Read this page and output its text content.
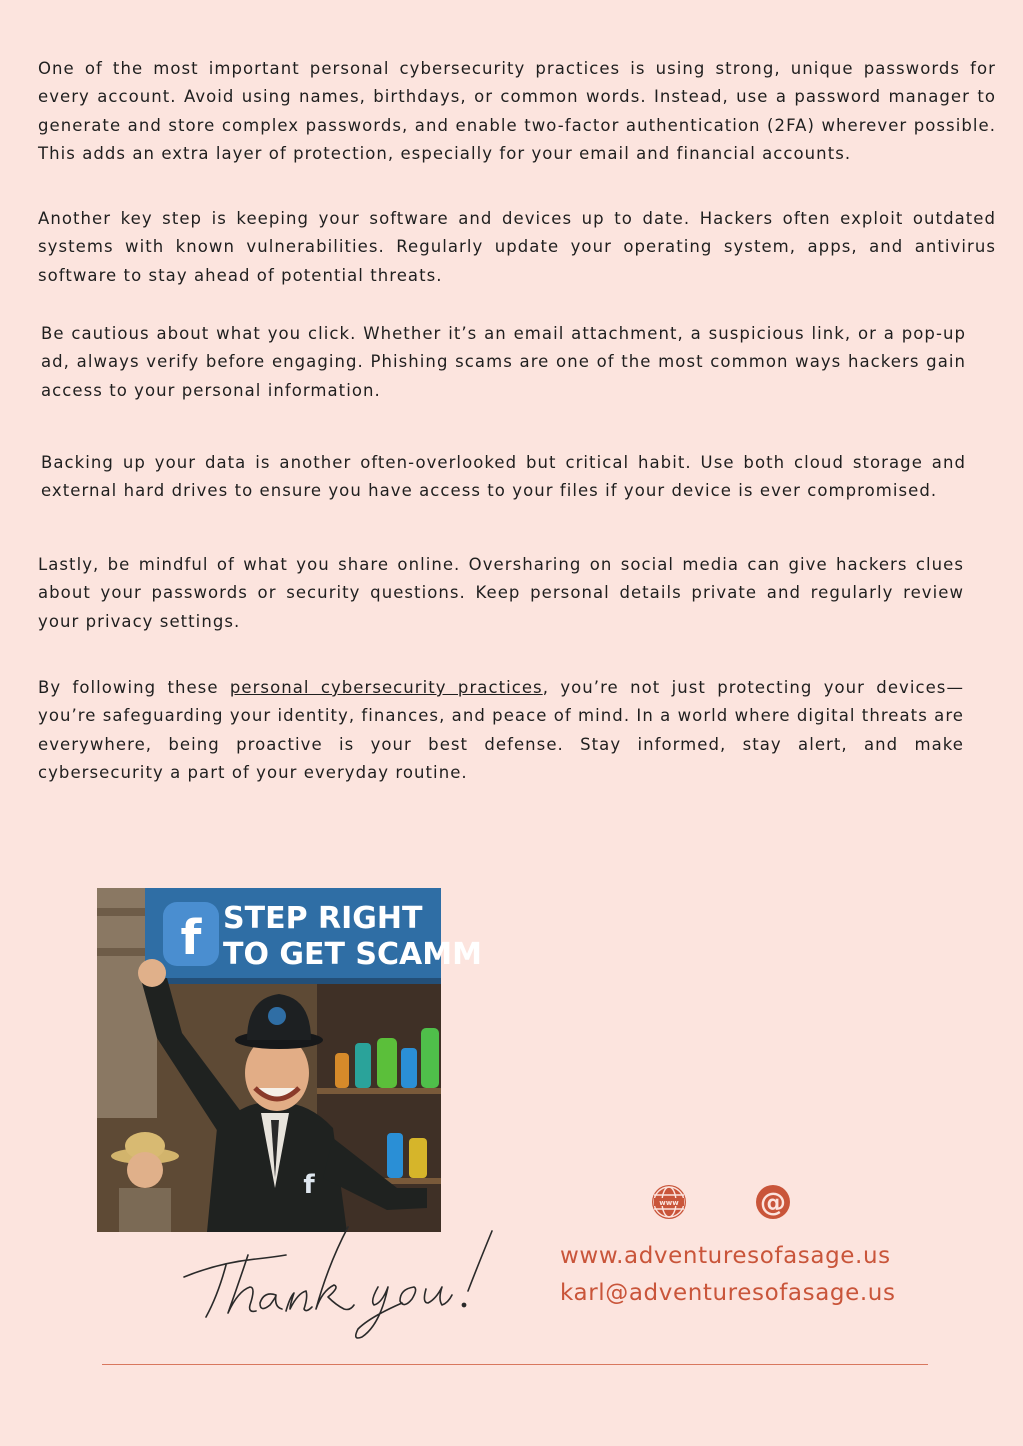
One of the most important personal cybersecurity practices is using strong, unique passwords for every account. Avoid using names, birthdays, or common words. Instead, use a password manager to generate and store complex passwords, and enable two-factor authentication (2FA) wherever possible. This adds an extra layer of protection, especially for your email and financial accounts.

Another key step is keeping your software and devices up to date. Hackers often exploit outdated systems with known vulnerabilities. Regularly update your operating system, apps, and antivirus software to stay ahead of potential threats.

Be cautious about what you click. Whether it’s an email attachment, a suspicious link, or a pop-up ad, always verify before engaging. Phishing scams are one of the most common ways hackers gain access to your personal information.

Backing up your data is another often-overlooked but critical habit. Use both cloud storage and external hard drives to ensure you have access to your files if your device is ever compromised.

Lastly, be mindful of what you share online. Oversharing on social media can give hackers clues about your passwords or security questions. Keep personal details private and regularly review your privacy settings.

By following these personal cybersecurity practices, you’re not just protecting your devices—you’re safeguarding your identity, finances, and peace of mind. In a world where digital threats are everywhere, being proactive is your best defense. Stay informed, stay alert, and make cybersecurity a part of your everyday routine.

f STEP RIGHT
TO GET SCAMM
f
www	@
www.adventuresofasage.us
karl@adventuresofasage.us
